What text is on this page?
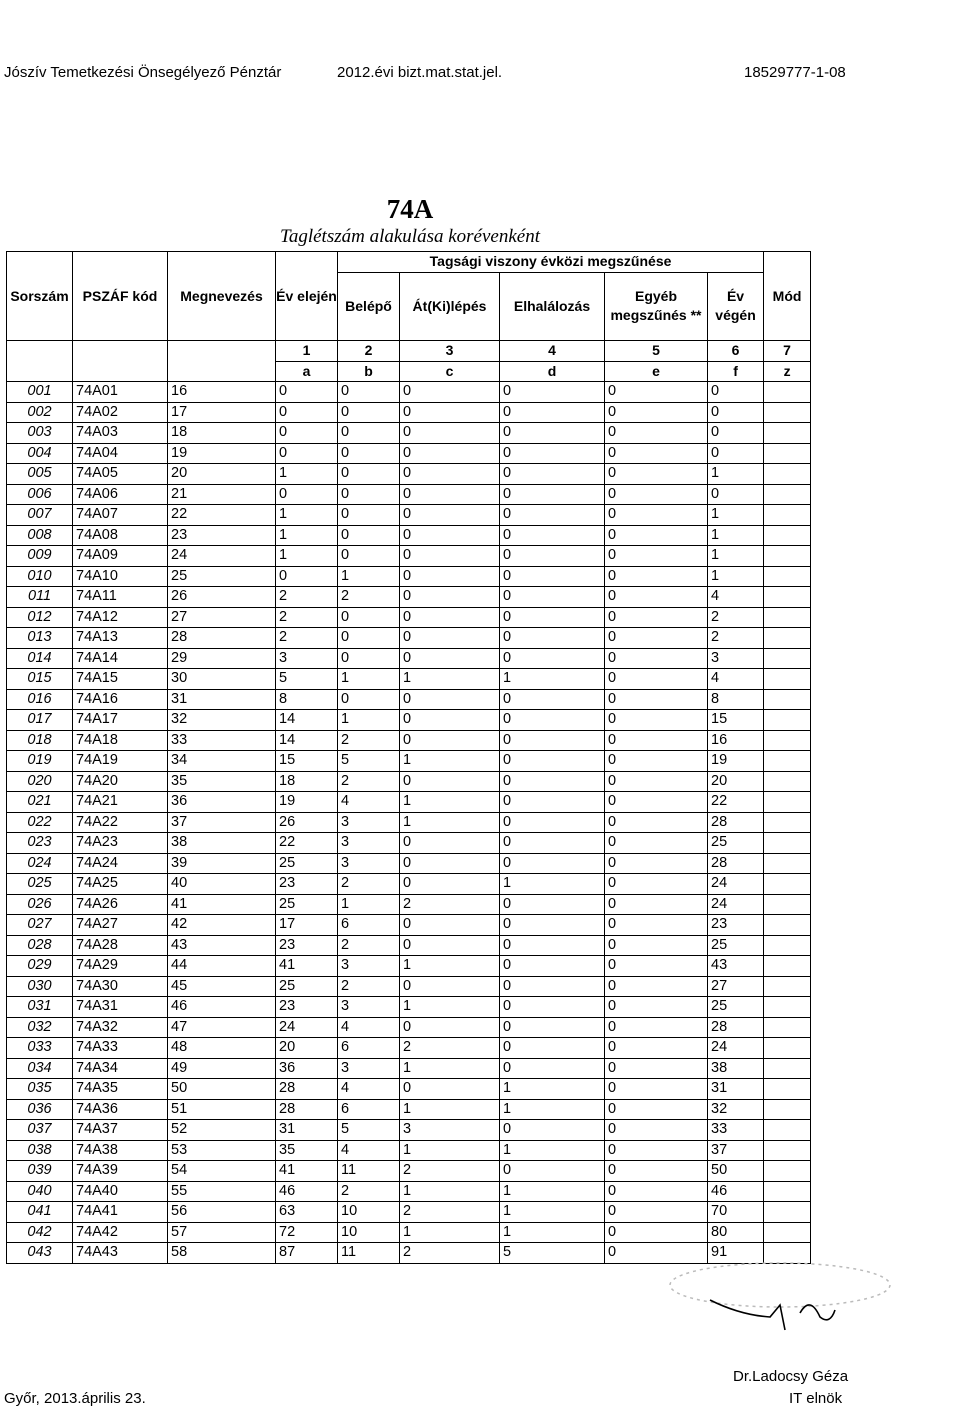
Jószív Temetkezési Önsegélyező Pénztár	2012.évi bizt.mat.stat.jel.	18529777-1-08
74A
Taglétszám alakulása korévenként
Sorszám	PSZÁF kód	Megnevezés	Év elején	Tagsági viszony évközi megszűnése					Mód
				Belépő	Át(Ki)lépés	Elhalálozás	Egyéb megszűnés **	Év végén	
			1	2	3	4	5	6	7
			a	b	c	d	e	f	z
001	74A01	16	0	0	0	0	0	0	
002	74A02	17	0	0	0	0	0	0	
003	74A03	18	0	0	0	0	0	0	
004	74A04	19	0	0	0	0	0	0	
005	74A05	20	1	0	0	0	0	1	
006	74A06	21	0	0	0	0	0	0	
007	74A07	22	1	0	0	0	0	1	
008	74A08	23	1	0	0	0	0	1	
009	74A09	24	1	0	0	0	0	1	
010	74A10	25	0	1	0	0	0	1	
011	74A11	26	2	2	0	0	0	4	
012	74A12	27	2	0	0	0	0	2	
013	74A13	28	2	0	0	0	0	2	
014	74A14	29	3	0	0	0	0	3	
015	74A15	30	5	1	1	1	0	4	
016	74A16	31	8	0	0	0	0	8	
017	74A17	32	14	1	0	0	0	15	
018	74A18	33	14	2	0	0	0	16	
019	74A19	34	15	5	1	0	0	19	
020	74A20	35	18	2	0	0	0	20	
021	74A21	36	19	4	1	0	0	22	
022	74A22	37	26	3	1	0	0	28	
023	74A23	38	22	3	0	0	0	25	
024	74A24	39	25	3	0	0	0	28	
025	74A25	40	23	2	0	1	0	24	
026	74A26	41	25	1	2	0	0	24	
027	74A27	42	17	6	0	0	0	23	
028	74A28	43	23	2	0	0	0	25	
029	74A29	44	41	3	1	0	0	43	
030	74A30	45	25	2	0	0	0	27	
031	74A31	46	23	3	1	0	0	25	
032	74A32	47	24	4	0	0	0	28	
033	74A33	48	20	6	2	0	0	24	
034	74A34	49	36	3	1	0	0	38	
035	74A35	50	28	4	0	1	0	31	
036	74A36	51	28	6	1	1	0	32	
037	74A37	52	31	5	3	0	0	33	
038	74A38	53	35	4	1	1	0	37	
039	74A39	54	41	11	2	0	0	50	
040	74A40	55	46	2	1	1	0	46	
041	74A41	56	63	10	2	1	0	70	
042	74A42	57	72	10	1	1	0	80	
043	74A43	58	87	11	2	5	0	91	
Győr, 2013.április 23.
Dr.Ladocsy Géza
IT elnök
